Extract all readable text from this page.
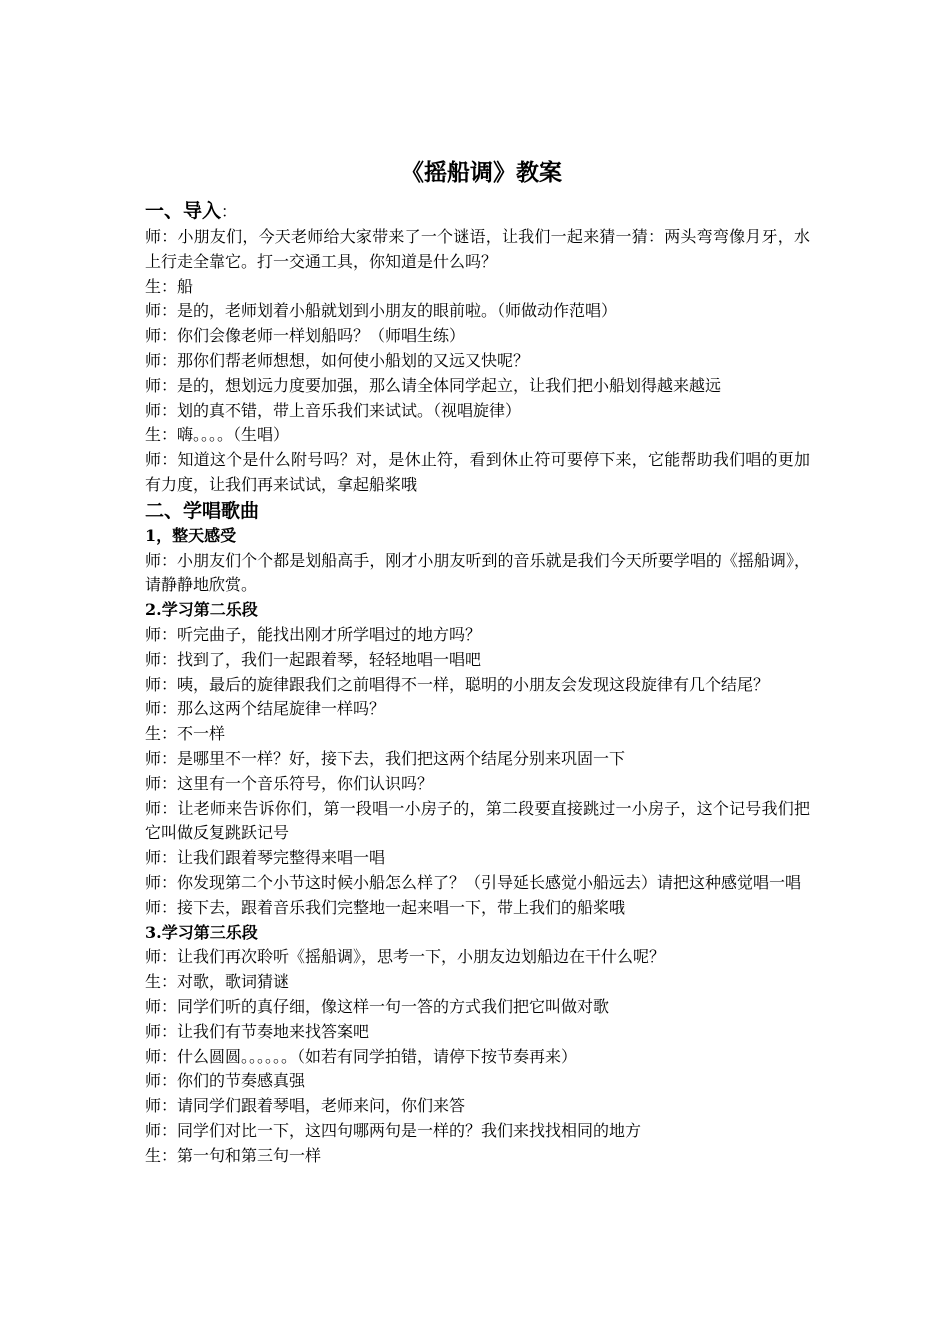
《摇船调》教案
一、导入：

师：小朋友们，今天老师给大家带来了一个谜语，让我们一起来猜一猜：两头弯弯像月牙，水上行走全靠它。打一交通工具，你知道是什么吗？

生：船

师：是的，老师划着小船就划到小朋友的眼前啦。（师做动作范唱）

师：你们会像老师一样划船吗？（师唱生练）

师：那你们帮老师想想，如何使小船划的又远又快呢？

师：是的，想划远力度要加强，那么请全体同学起立，让我们把小船划得越来越远

师：划的真不错，带上音乐我们来试试。（视唱旋律）

生：嗨。。。。（生唱）

师：知道这个是什么附号吗？对，是休止符，看到休止符可要停下来，它能帮助我们唱的更加有力度，让我们再来试试，拿起船桨哦

二、学唱歌曲
1，整天感受

师：小朋友们个个都是划船高手，刚才小朋友听到的音乐就是我们今天所要学唱的《摇船调》，请静静地欣赏。

2.学习第二乐段

师：听完曲子，能找出刚才所学唱过的地方吗？

师：找到了，我们一起跟着琴，轻轻地唱一唱吧

师：咦，最后的旋律跟我们之前唱得不一样，聪明的小朋友会发现这段旋律有几个结尾？

师：那么这两个结尾旋律一样吗？

生：不一样

师：是哪里不一样？好，接下去，我们把这两个结尾分别来巩固一下

师：这里有一个音乐符号，你们认识吗？

师：让老师来告诉你们，第一段唱一小房子的，第二段要直接跳过一小房子，这个记号我们把它叫做反复跳跃记号

师：让我们跟着琴完整得来唱一唱

师：你发现第二个小节这时候小船怎么样了？（引导延长感觉小船远去）请把这种感觉唱一唱

师：接下去，跟着音乐我们完整地一起来唱一下，带上我们的船桨哦

3.学习第三乐段

师：让我们再次聆听《摇船调》，思考一下，小朋友边划船边在干什么呢？

生：对歌，歌词猜谜

师：同学们听的真仔细，像这样一句一答的方式我们把它叫做对歌

师：让我们有节奏地来找答案吧

师：什么圆圆。。。。。。（如若有同学拍错，请停下按节奏再来）

师：你们的节奏感真强

师：请同学们跟着琴唱，老师来问，你们来答

师：同学们对比一下，这四句哪两句是一样的？我们来找找相同的地方

生：第一句和第三句一样
